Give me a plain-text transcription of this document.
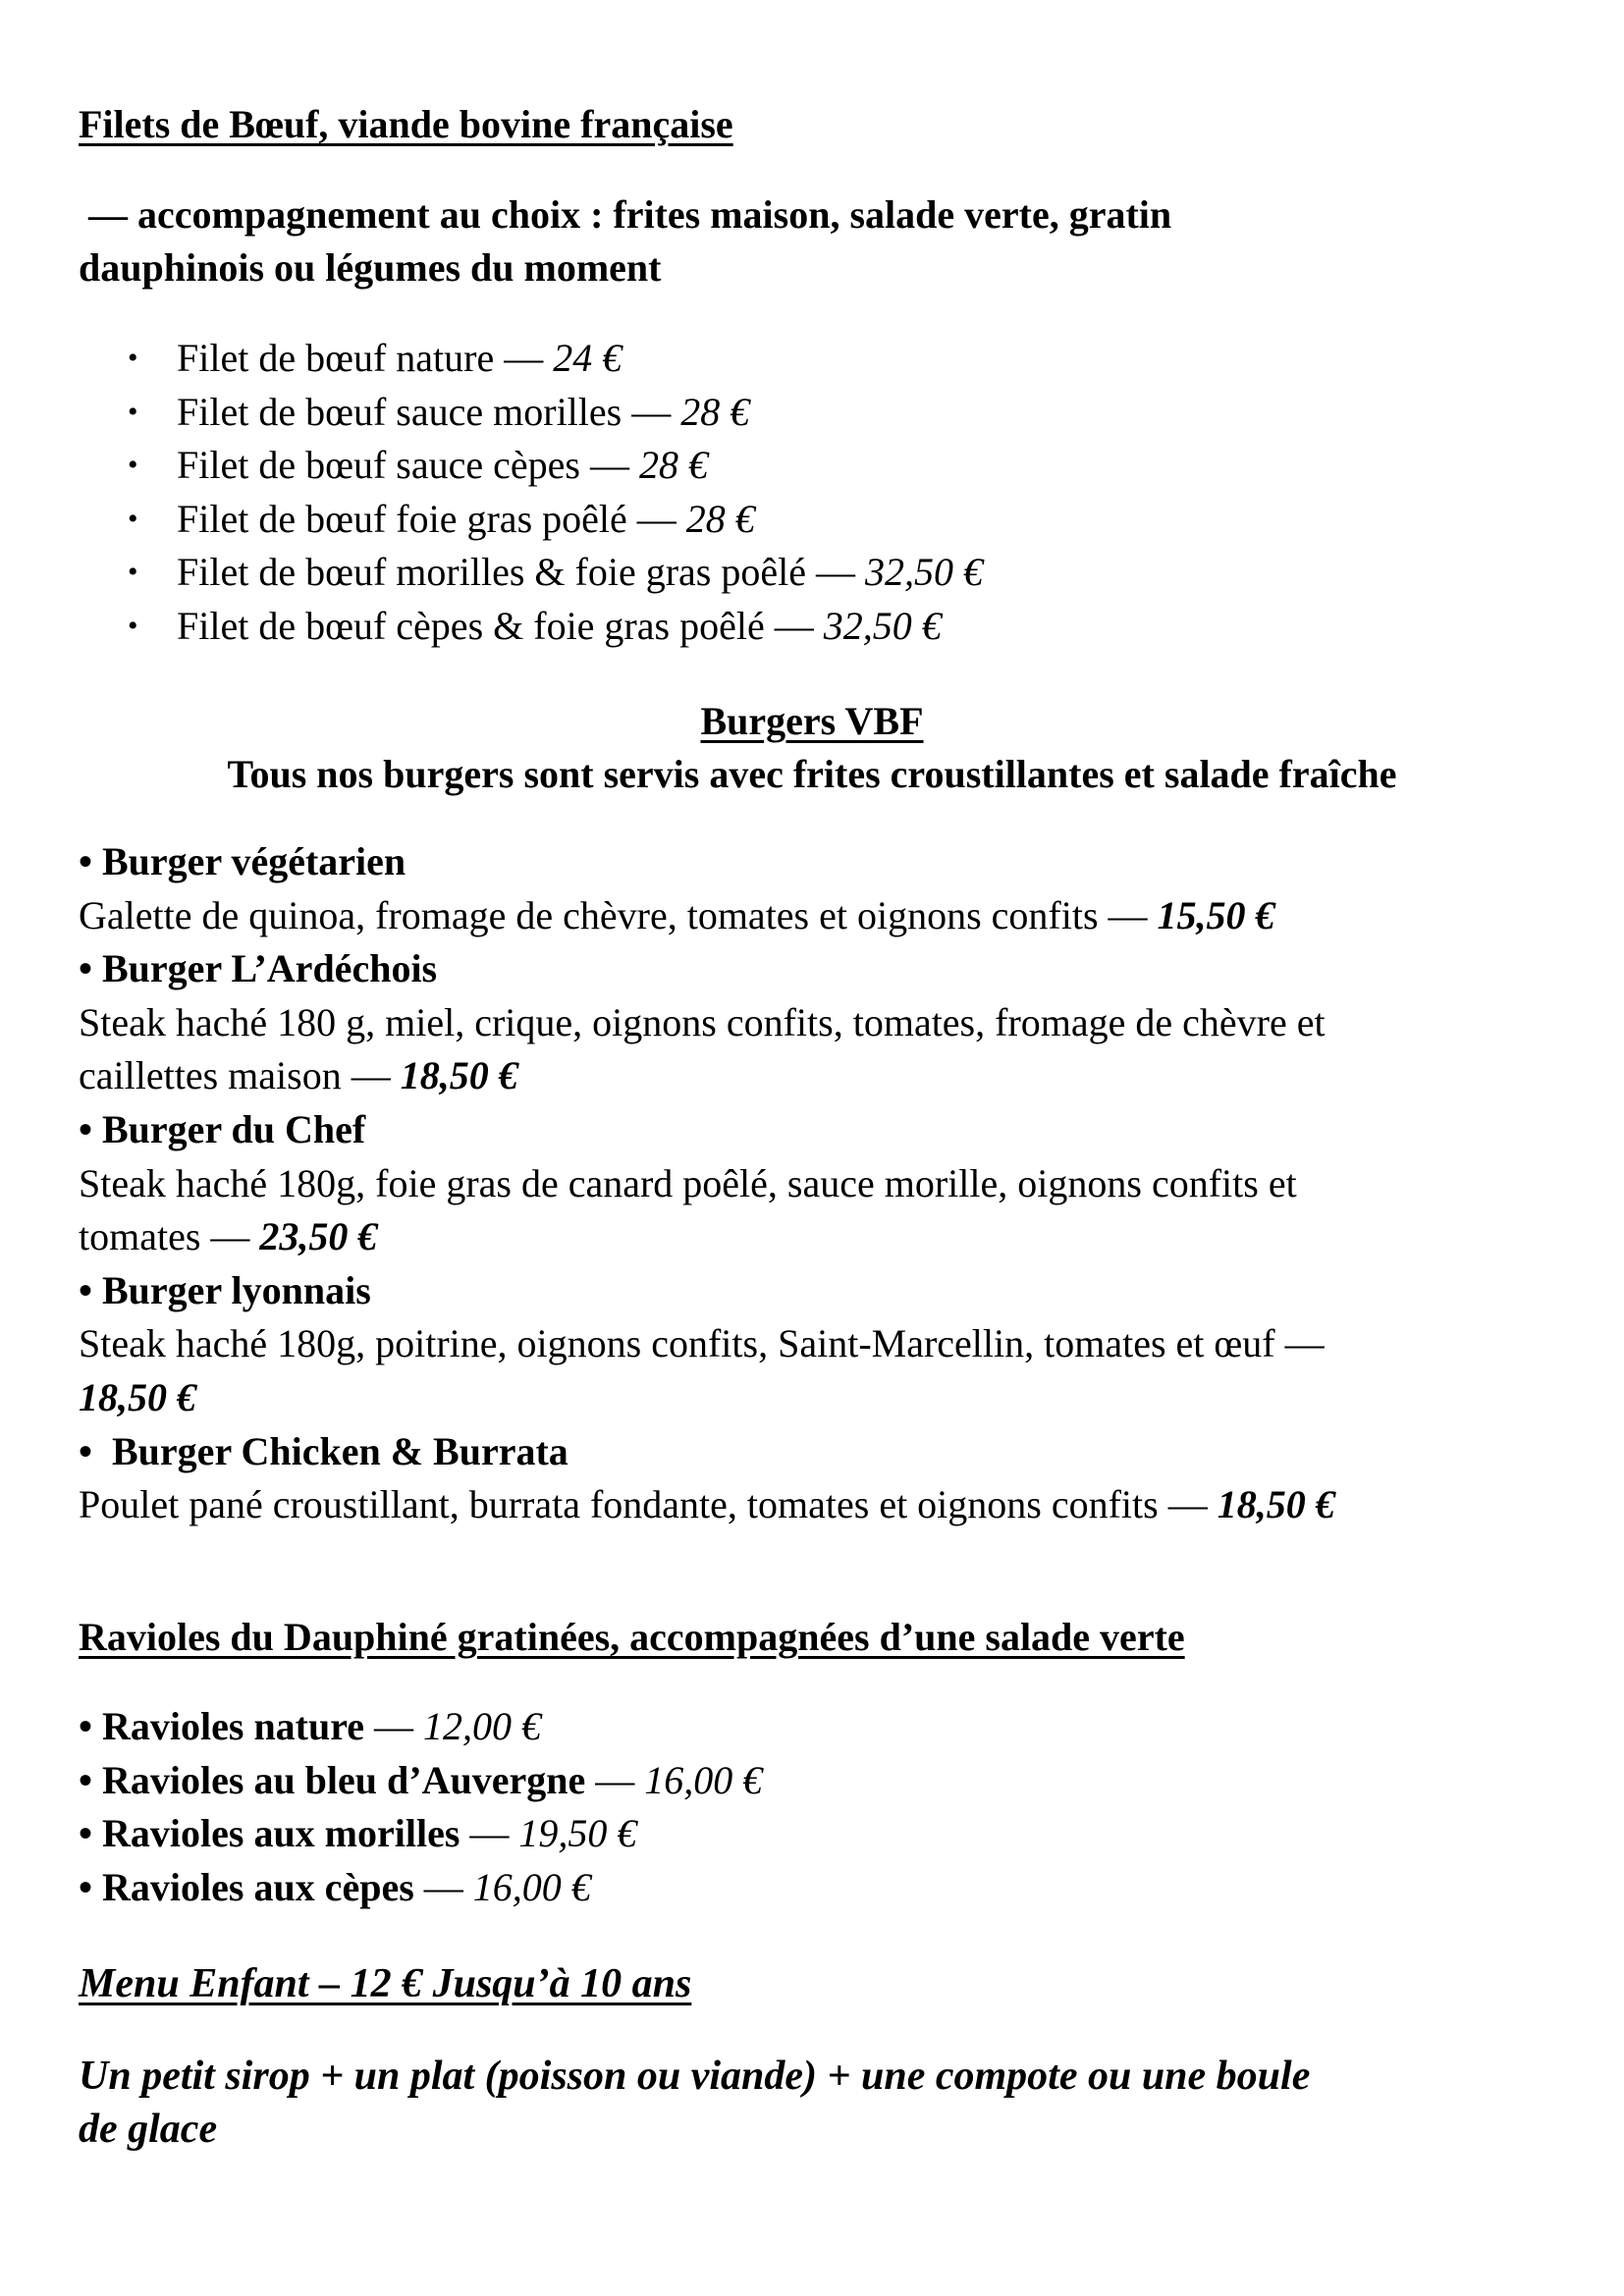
Filets de Bœuf, viande bovine française
— accompagnement au choix : frites maison, salade verte, gratin
dauphinois ou légumes du moment
• Filet de bœuf nature — 24 €
• Filet de bœuf sauce morilles — 28 €
• Filet de bœuf sauce cèpes — 28 €
• Filet de bœuf foie gras poêlé — 28 €
• Filet de bœuf morilles & foie gras poêlé — 32,50 €
• Filet de bœuf cèpes & foie gras poêlé — 32,50 €
Burgers VBF
Tous nos burgers sont servis avec frites croustillantes et salade fraîche
• Burger végétarien
Galette de quinoa, fromage de chèvre, tomates et oignons confits — 15,50 €
• Burger L’Ardéchois
Steak haché 180 g, miel, crique, oignons confits, tomates, fromage de chèvre et
caillettes maison — 18,50 €
• Burger du Chef
Steak haché 180g, foie gras de canard poêlé, sauce morille, oignons confits et
tomates — 23,50 €
• Burger lyonnais
Steak haché 180g, poitrine, oignons confits, Saint-Marcellin, tomates et œuf —
18,50 €
•  Burger Chicken & Burrata
Poulet pané croustillant, burrata fondante, tomates et oignons confits — 18,50 €
Ravioles du Dauphiné gratinées, accompagnées d’une salade verte
• Ravioles nature — 12,00 €
• Ravioles au bleu d’Auvergne — 16,00 €
• Ravioles aux morilles — 19,50 €
• Ravioles aux cèpes — 16,00 €
Menu Enfant – 12 € Jusqu’à 10 ans
Un petit sirop + un plat (poisson ou viande) + une compote ou une boule
de glace
